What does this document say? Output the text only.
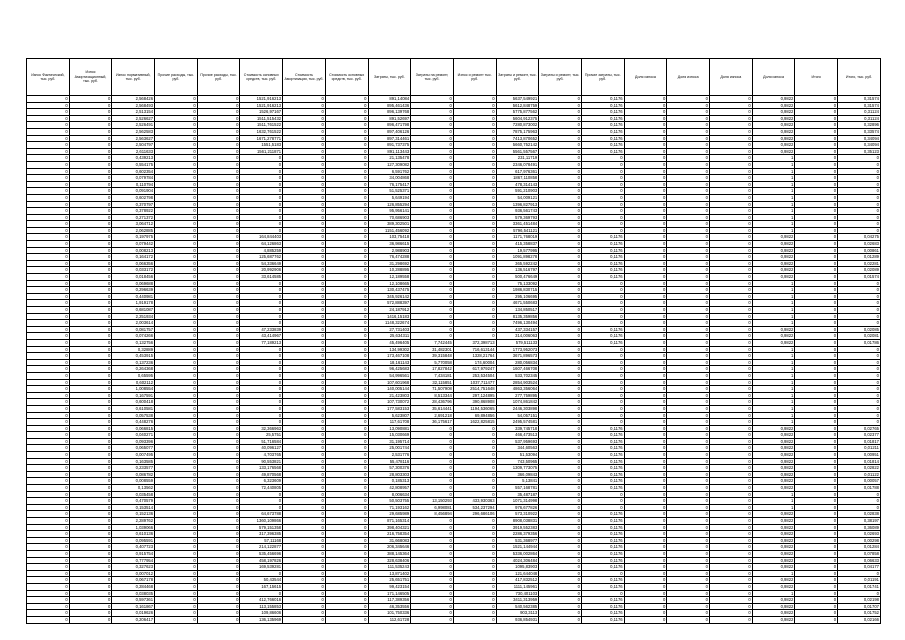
Износ Фактический, тыс. руб.	Износ Амортизационный, тыс. руб.	Износ нормативный, тыс. руб.	Прочие расходы, тыс. руб.	Прочие расходы, тыс. руб.	Стоимость основных средств, тыс. руб.	Стоимость Амортизации, тыс. руб.	Стоимость основных средств, тыс. руб.	Затраты, тыс. руб.	Затраты на ремонт, тыс. руб.	Износ и ремонт тыс. руб.	Затраты и ремонт, тыс. руб.	Затраты и ремонт, тыс. руб.	Прочие затраты, тыс. руб.	Доля износа	Доля износа	Доля износа	Доля износа	Итого	Итого, тыс. руб.
0	0	2,568426	0	0	1521,916213	0	0	891,14084	0	0	5637,549921	0	0,1176	0	0	0	0,9822	0	0,31574
0	0	2,568493	0	0	1521,916213	0	0	895,461436	0	0	5612,848759	0	0,1176	0	0	0	0,9822	0	0,31574
0	0	2,513154	0	0	1526,97167	0	0	896,139768	0	0	5775,877562	0	0,1176	0	0	0	0,9822	0	0,31124
0	0	2,526627	0	0	1511,515432	0	0	891,52697	0	0	5604,912375	0	0,1176	0	0	0	0,9822	0	0,31124
0	0	2,526491	0	0	1511,761522	0	0	896,471798	0	0	7280,873002	0	0,1176	0	0	0	0,9822	0	0,32896
0	0	2,562583	0	0	1632,761522	0	0	897,406126	0	0	7875,175963	0	0,1176	0	0	0	0,9822	0	0,33574
0	0	2,563627	0	0	1671,278771	0	0	897,314461	0	0	7413,870652	0	0,1176	0	0	0	0,9822	0	0,34094
0	0	2,504797	0	0	1551,5183	0	0	891,737375	0	0	5660,752142	0	0,1176	0	0	0	0,9822	0	0,34094
0	0	2,611633	0	0	1561,211871	0	0	891,113443	0	0	5561,557567	0	0,1176	0	0	0	0,9822	0	0,35123
0	0	0,439213	0	0	0	0	0	21,135478	0	0	231,11719	0	0	0	0	0	1	0	0
0	0	0,554175	0	0	0	0	0	127,309082	0	0	2346,078491	0	0	0	0	0	1	0	0
0	0	0,602354	0	0	0	0	0	6,591762	0	0	617,976361	0	0	0	0	0	1	0	0
0	0	0,079784	0	0	0	0	0	34,004868	0	0	1867,110858	0	0	0	0	0	1	0	0
0	0	0,110794	0	0	0	0	0	76,175417	0	0	478,314143	0	0	0	0	0	1	0	0
0	0	0,091904	0	0	0	0	0	51,525371	0	0	591,210903	0	0	0	0	0	1	0	0
0	0	0,602798	0	0	0	0	0	5,649194	0	0	54,009121	0	0	0	0	0	1	0	0
0	0	0,370797	0	0	0	0	0	126,855294	0	0	1396,827913	0	0	0	0	0	1	0	0
0	0	0,378922	0	0	0	0	0	95,956141	0	0	936,561743	0	0	0	0	0	1	0	0
0	0	0,271372	0	0	0	0	0	70,686903	0	0	579,369793	0	0	0	0	0	1	0	0
0	0	3,064712	0	0	0	0	0	389,302501	0	0	3361,451484	0	0	0	0	0	1	0	0
0	0	2,062885	0	0	0	0	0	1151,456092	0	0	5796,541121	0	0	0	0	0	1	0	0
0	0	0,197975	0	0	164,844403	0	0	103,75418	0	0	1171,768019	0	0,1176	0	0	0	0,9822	0	0,04275
0	0	0,079442	0	0	64,126863	0	0	36,986615	0	0	415,358837	0	0,1176	0	0	0	0,9822	0	0,02683
0	0	0,008213	0	0	4,885259	0	0	2,988903	0	0	19,577995	0	0,1176	0	0	0	0,9822	0	0,00861
0	0	0,164172	0	0	125,687762	0	0	76,474288	0	0	1091,898278	0	0,1176	0	0	0	0,9822	0	0,01289
0	0	0,066356	0	0	54,336649	0	0	31,298692	0	0	365,592242	0	0,1176	0	0	0	0,9822	0	0,02281
0	0	0,033172	0	0	20,992906	0	0	10,288895	0	0	136,516797	0	0,1176	0	0	0	0,9822	0	0,02089
0	0	0,018456	0	0	33,614585	0	0	12,189558	0	0	500,476649	0	0,1176	0	0	0	0,9822	0	0,01574
0	0	0,069688	0	0	0	0	0	12,108665	0	0	75,133092	0	0	0	0	0	1	0	0
0	0	0,296639	0	0	0	0	0	130,437475	0	0	1986,830715	0	0	0	0	0	1	0	0
0	0	0,440981	0	0	0	0	0	345,926142	0	0	295,106695	0	0	0	0	0	1	0	0
0	0	1,919178	0	0	0	0	0	572,888397	0	0	4671,550683	0	0	0	0	0	1	0	0
0	0	0,681087	0	0	0	0	0	24,187912	0	0	134,850517	0	0	0	0	0	1	0	0
0	0	2,251934	0	0	0	0	0	1416,15183	0	0	8135,359856	0	0	0	0	0	1	0	0
0	0	2,003614	0	0	0	0	0	1148,322674	0	0	7496,130494	0	0	0	0	0	1	0	0
0	0	0,081757	0	0	47,233839	0	0	27,731403	0	0	437,334157	0	0,1176	0	0	0	0,9822	0	0,02085
0	0	0,074266	0	0	43,414967	0	0	25,634311	0	0	314,006063	0	0,1176	0	0	0	0,9822	0	0,02081
0	0	0,132756	0	0	77,189213	0	0	45,496405	7,742445	372,398713	579,511133	0	0,1176	0	0	0	0,9822	0	0,01786
0	0	0,32889	0	0	0	0	0	134,99302	31,482301	716,613144	1773,952073	0	0	0	0	0	1	0	0
0	0	0,453915	0	0	0	0	0	173,467108	39,315848	1328,21764	3671,896573	0	0	0	0	0	1	0	0
0	0	0,137236	0	0	0	0	0	18,161143	5,770058	174,60004	280,056834	0	0	0	0	0	1	0	0
0	0	0,264368	0	0	0	0	0	96,425683	17,827842	617,979247	1607,466708	0	0	0	0	0	1	0	0
0	0	0,65595	0	0	0	0	0	54,996561	7,434181	253,534504	533,702345	0	0	0	0	0	1	0	0
0	0	0,602112	0	0	0	0	0	107,601968	32,115851	1037,711477	2854,903524	0	0	0	0	0	1	0	0
0	0	1,008554	0	0	0	0	0	140,005144	71,507908	2514,751648	4863,356064	0	0	0	0	0	1	0	0
0	0	0,167591	0	0	0	0	0	21,423803	8,513344	297,124895	277,759895	0	0	0	0	0	1	0	0
0	0	0,600418	0	0	0	0	0	107,730072	28,436796	390,868908	1074,861842	0	0	0	0	0	1	0	0
0	0	0,610581	0	0	0	0	0	177,583153	35,614441	1194,536065	2446,303898	0	0	0	0	0	1	0	0
0	0	0,057538	0	0	0	0	0	5,623807	2,691218	69,894856	54,057151	0	0	0	0	0	1	0	0
0	0	0,448276	0	0	0	0	0	117,61708	36,175617	1622,825815	2495,574581	0	0	0	0	0	1	0	0
0	0	0,066815	0	0	32,366963	0	0	13,090881	0	0	339,745718	0	0,1176	0	0	0	0,9822	0	0,02765
0	0	0,040271	0	0	25,5751	0	0	15,030669	0	0	466,473513	0	0,1176	0	0	0	0,9822	0	0,02377
0	0	0,093396	0	0	51,716584	0	0	31,195714	0	0	537,959693	0	0,1176	0	0	0	0,9822	0	0,01817
0	0	0,065077	0	0	40,096127	0	0	25,001744	0	0	344,60563	0	0,1176	0	0	0	0,9822	0	0,01211
0	0	0,007495	0	0	4,703765	0	0	2,531776	0	0	51,53094	0	0,1176	0	0	0	0,9822	0	0,00951
0	0	0,163585	0	0	90,553821	0	0	55,478116	0	0	743,50965	0	0,1176	0	0	0	0,9822	0	0,01814
0	0	0,233577	0	0	133,176568	0	0	57,300376	0	0	1309,773075	0	0,1176	0	0	0	0,9822	0	0,02822
0	0	0,086782	0	0	49,870568	0	0	28,803303	0	0	366,09843	0	0,1176	0	0	0	0,9822	0	0,01122
0	0	0,008559	0	0	6,323609	0	0	0,185313	0	0	5,13841	0	0,1176	0	0	0	0,9822	0	0,00057
0	0	0,13562	0	0	72,440805	0	0	42,808957	0	0	557,168781	0	0,1176	0	0	0	0,9822	0	0,01788
0	0	0,035458	0	0	0	0	0	8,006634	0	0	35,487187	0	0	0	0	0	1	0	0
0	0	0,470579	0	0	0	0	0	50,503755	13,150293	433,930363	1071,314998	0	0	0	0	0	1	0	0
0	0	0,153514	0	0	0	0	0	71,193162	6,998081	534,237294	976,677826	0	0	0	0	0	1	0	0
0	0	0,152136	0	0	64,673788	0	0	29,685989	8,456894	296,686106	573,310922	0	0,1176	0	0	0	0,9822	0	0,02838
0	0	2,289762	0	0	1360,109866	0	0	871,165314	0	0	8908,038831	0	0,1176	0	0	0	0,9822	0	0,38197
0	0	1,039066	0	0	579,151358	0	0	398,404321	0	0	3919,552383	0	0,1176	0	0	0	0,9822	0	0,36089
0	0	0,610136	0	0	317,396385	0	0	216,758354	0	0	2286,379356	0	0,1176	0	0	0	0,9822	0	0,02693
0	0	0,095591	0	0	57,11168	0	0	31,668083	0	0	531,368977	0	0,1176	0	0	0	0,9822	0	0,00298
0	0	0,407723	0	0	214,122877	0	0	206,345646	0	0	1521,144944	0	0,1176	0	0	0	0,9822	0	0,01284
0	0	0,915754	0	0	535,456696	0	0	388,145364	0	0	5336,002864	0	0,1176	0	0	0	0,9822	0	0,07858
0	0	0,777954	0	0	458,197826	0	0	328,638406	0	0	4024,306484	0	0,1176	0	0	0	0,9822	0	0,06633
0	0	0,327623	0	0	169,539281	0	0	111,535243	0	0	1095,83903	0	0,1176	0	0	0	0,9822	0	0,04177
0	0	0,007012	0	0	0	0	0	13,871402	0	0	121,644048	0	0	0	0	0	1	0	0
0	0	0,067178	0	0	50,43544	0	0	25,651751	0	0	417,832512	0	0,1176	0	0	0	0,9822	0	0,01191
0	0	0,284468	0	0	167,15615	0	0	99,423154	0	0	1111,145961	0	0,1176	0	0	0	0,9822	0	0,01741
0	0	0,038035	0	0	0	0	0	171,146505	0	0	730,401103	0	0	0	0	0	1	0	0
0	0	0,597361	0	0	412,766016	0	0	117,389356	0	0	3411,313959	0	0,1176	0	0	0	0,9822	0	0,02198
0	0	0,161867	0	0	113,155853	0	0	46,353556	0	0	540,562385	0	0,1176	0	0	0	0,9822	0	0,01707
0	0	0,019626	0	0	109,86606	0	0	101,750336	0	0	903,3113	0	0,1176	0	0	0	0,9822	0	0,01752
0	0	0,206417	0	0	136,135969	0	0	112,61728	0	0	936,854931	0	0,1176	0	0	0	0,9822	0	0,02166
